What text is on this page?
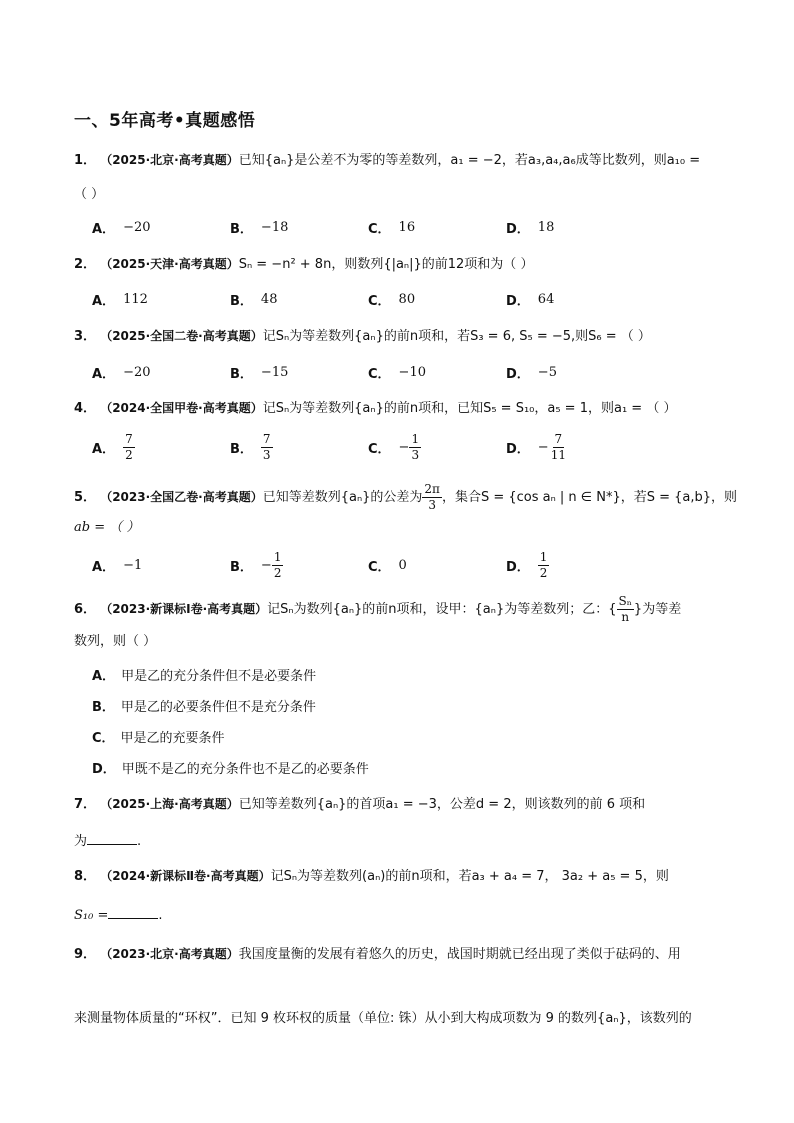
一、5年高考•真题感悟
1． （2025·北京·高考真题）已知{aₙ}是公差不为零的等差数列，a₁ = −2，若a₃,a₄,a₆成等比数列，则a₁₀ =
（ ）
A． −20	B． −18	C． 16	D． 18
2． （2025·天津·高考真题）Sₙ = −n² + 8n，则数列{|aₙ|}的前12项和为（ ）
A． 112	B． 48	C． 80	D． 64
3． （2025·全国二卷·高考真题）记Sₙ为等差数列{aₙ}的前n项和，若S₃ = 6, S₅ = −5,则S₆ = （ ）
A． −20	B． −15	C． −10	D． −5
4． （2024·全国甲卷·高考真题）记Sₙ为等差数列{aₙ}的前n项和，已知S₅ = S₁₀，a₅ = 1，则a₁ = （ ）
A． $\frac{7}{2}$	B． $\frac{7}{3}$	C． − $\frac{1}{3}$	D． − $\frac{7}{11}$
5． （2023·全国乙卷·高考真题）已知等差数列{aₙ}的公差为 $\frac{2\pi}{3}$ ，集合S = {cos aₙ | n ∈ N*}，若S = {a,b}，则
ab = （ ）
A． −1	B． − $\frac{1}{2}$	C． 0	D． $\frac{1}{2}$
6． （2023·新课标Ⅰ卷·高考真题）记Sₙ为数列{aₙ}的前n项和，设甲：{aₙ}为等差数列；乙：{ $\frac{\text{Sₙ}}{n}$ }为等差
数列，则（ ）
A． 甲是乙的充分条件但不是必要条件
B． 甲是乙的必要条件但不是充分条件
C． 甲是乙的充要条件
D． 甲既不是乙的充分条件也不是乙的必要条件
7． （2025·上海·高考真题）已知等差数列{aₙ}的首项a₁ = −3，公差d = 2，则该数列的前 6 项和
为	.
8． （2024·新课标Ⅱ卷·高考真题）记Sₙ为等差数列(aₙ)的前n项和，若a₃ + a₄ = 7， 3a₂ + a₅ = 5，则
S₁₀ =	.
9． （2023·北京·高考真题）我国度量衡的发展有着悠久的历史，战国时期就已经出现了类似于砝码的、用
来测量物体质量的“环权”．已知 9 枚环权的质量（单位: 铢）从小到大构成项数为 9 的数列{aₙ}，该数列的
